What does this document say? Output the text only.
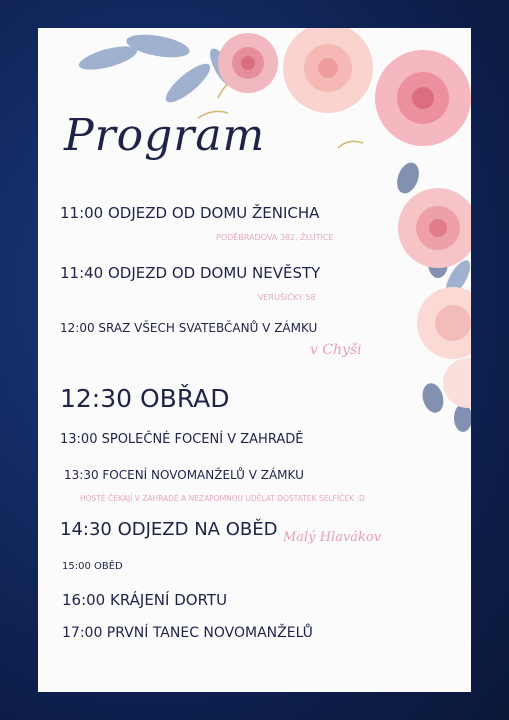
Program
11:00 ODJEZD OD DOMU ŽENICHA
PODĚBRADOVA 382, ŽLUTICE
11:40 ODJEZD OD DOMU NEVĚSTY
VERUŠIČKY 58
12:00 SRAZ VŠECH SVATEBČANŮ V ZÁMKU
v Chyši
12:30 OBŘAD
13:00 SPOLEČNÉ FOCENÍ V ZAHRADĚ
13:30 FOCENÍ NOVOMANŽELŮ V ZÁMKU
HOSTÉ ČEKAJÍ V ZAHRADĚ A NEZAPOMNOU UDĚLAT DOSTATEK SELFÍČEK :D
14:30 ODJEZD NA OBĚD Malý Hlavákov
15:00 OBĚD
16:00 KRÁJENÍ DORTU
17:00 PRVNÍ TANEC NOVOMANŽELŮ
